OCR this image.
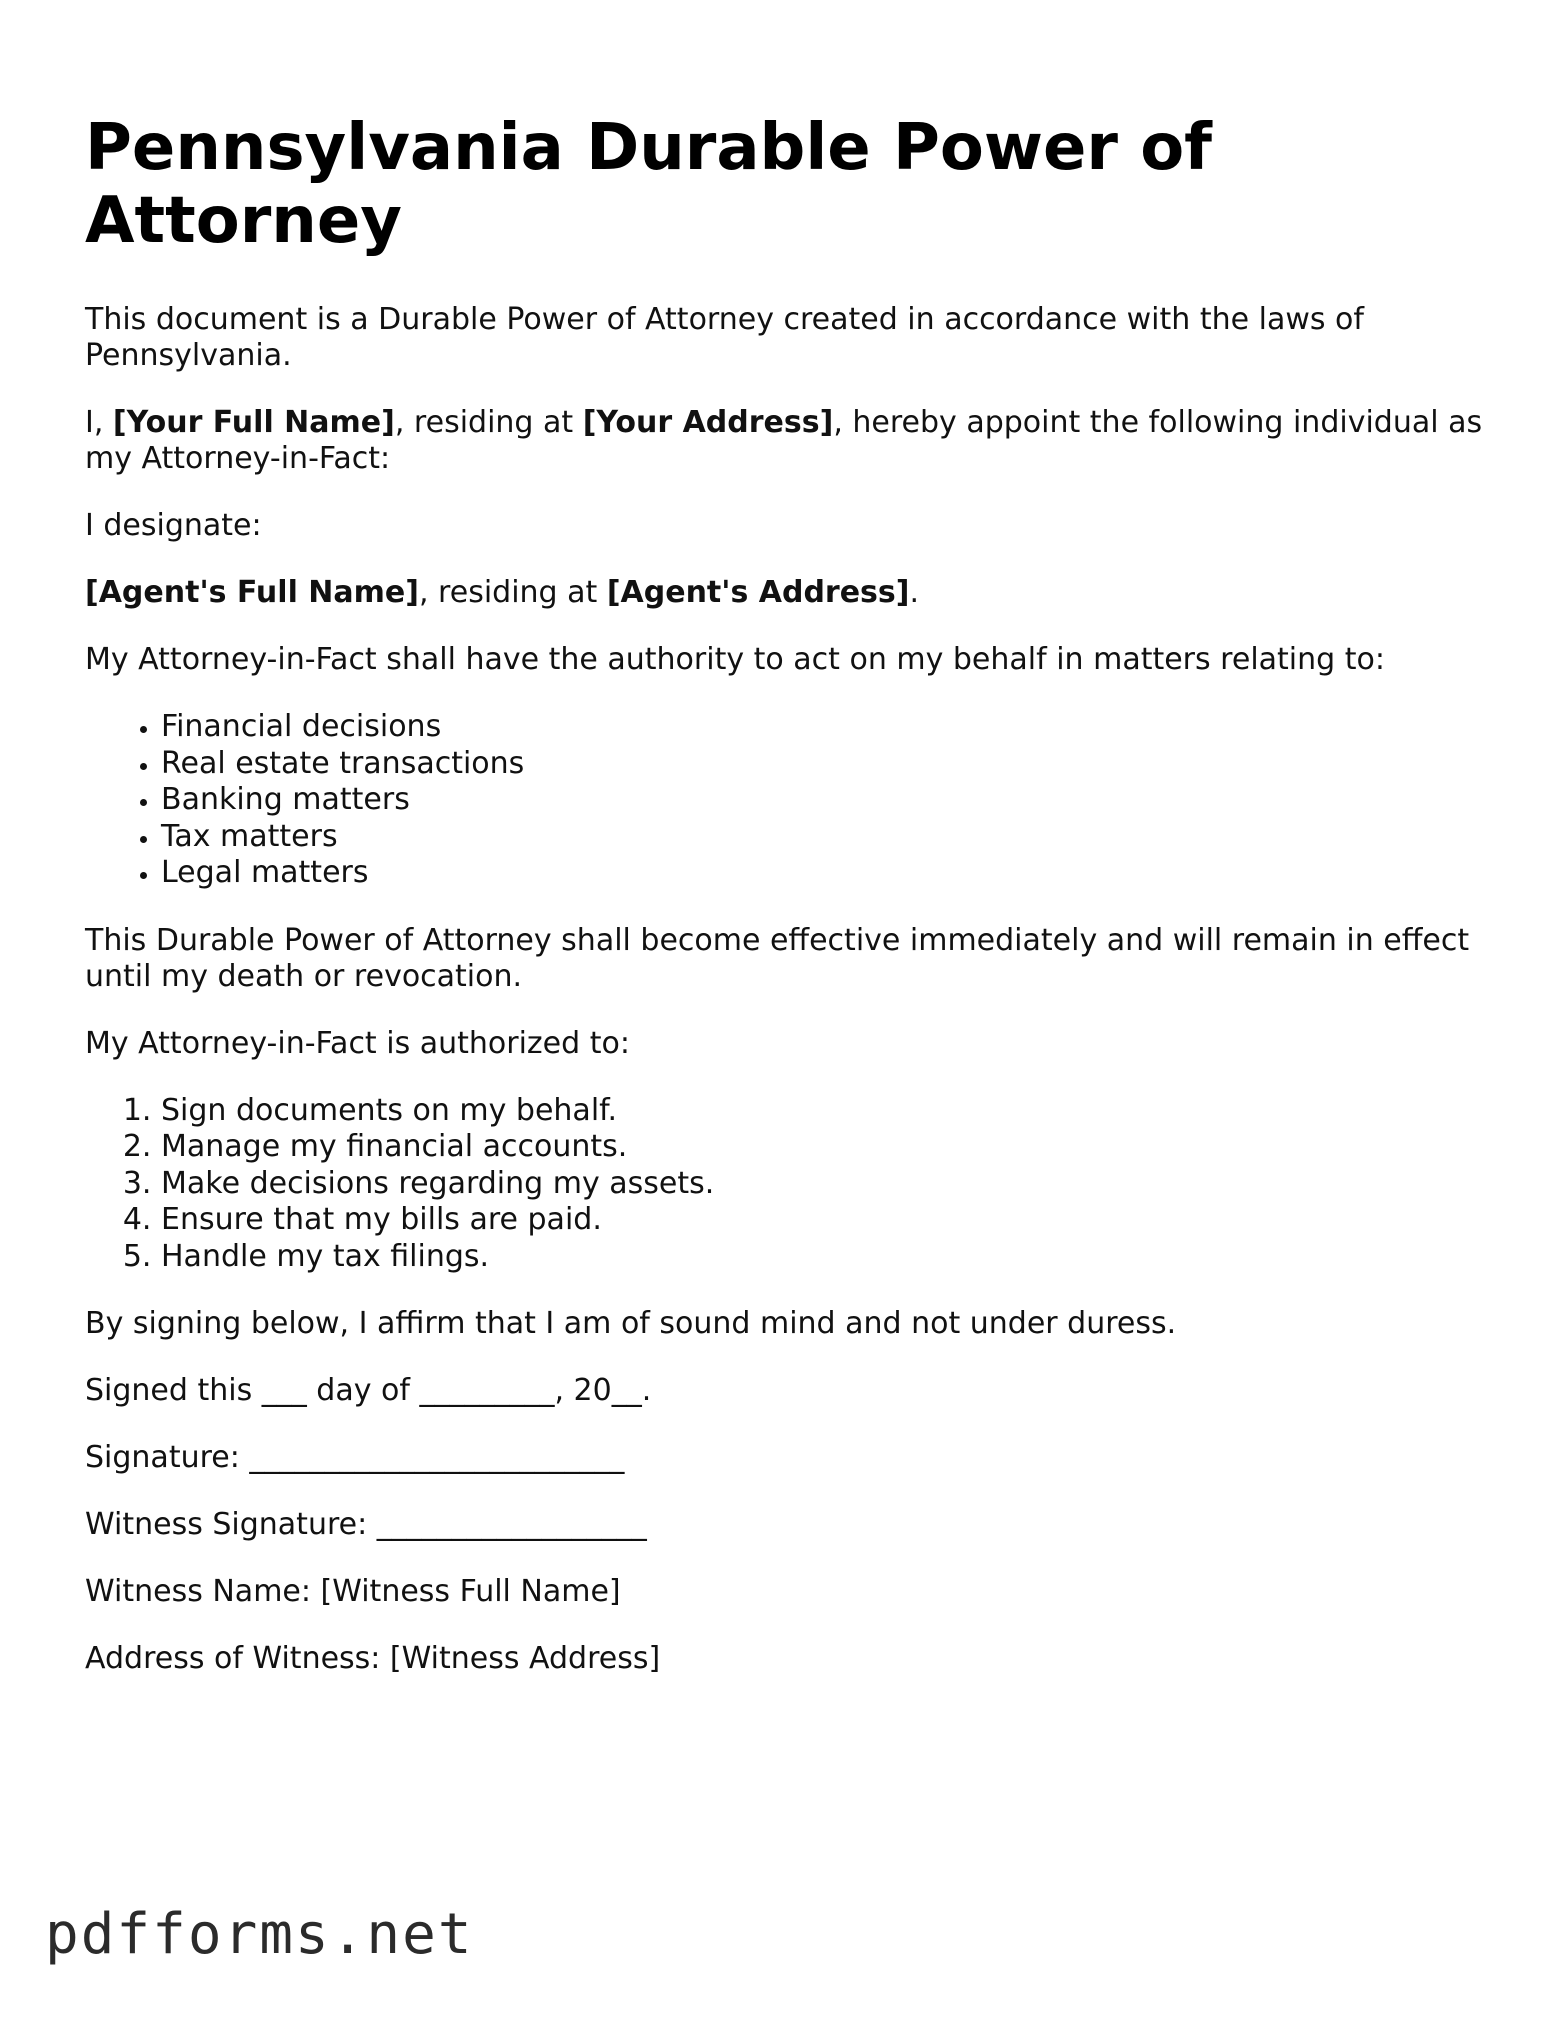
Pennsylvania Durable Power of Attorney

This document is a Durable Power of Attorney created in accordance with the laws of Pennsylvania.

I, [Your Full Name], residing at [Your Address], hereby appoint the following individual as my Attorney-in-Fact:

I designate:

[Agent's Full Name], residing at [Agent's Address].

My Attorney-in-Fact shall have the authority to act on my behalf in matters relating to:

• Financial decisions
• Real estate transactions
• Banking matters
• Tax matters
• Legal matters

This Durable Power of Attorney shall become effective immediately and will remain in effect until my death or revocation.

My Attorney-in-Fact is authorized to:

1. Sign documents on my behalf.
2. Manage my financial accounts.
3. Make decisions regarding my assets.
4. Ensure that my bills are paid.
5. Handle my tax filings.

By signing below, I affirm that I am of sound mind and not under duress.

Signed this ___ day of _________, 20__.

Signature: _________________________

Witness Signature: __________________

Witness Name: [Witness Full Name]

Address of Witness: [Witness Address]

pdfforms.net
